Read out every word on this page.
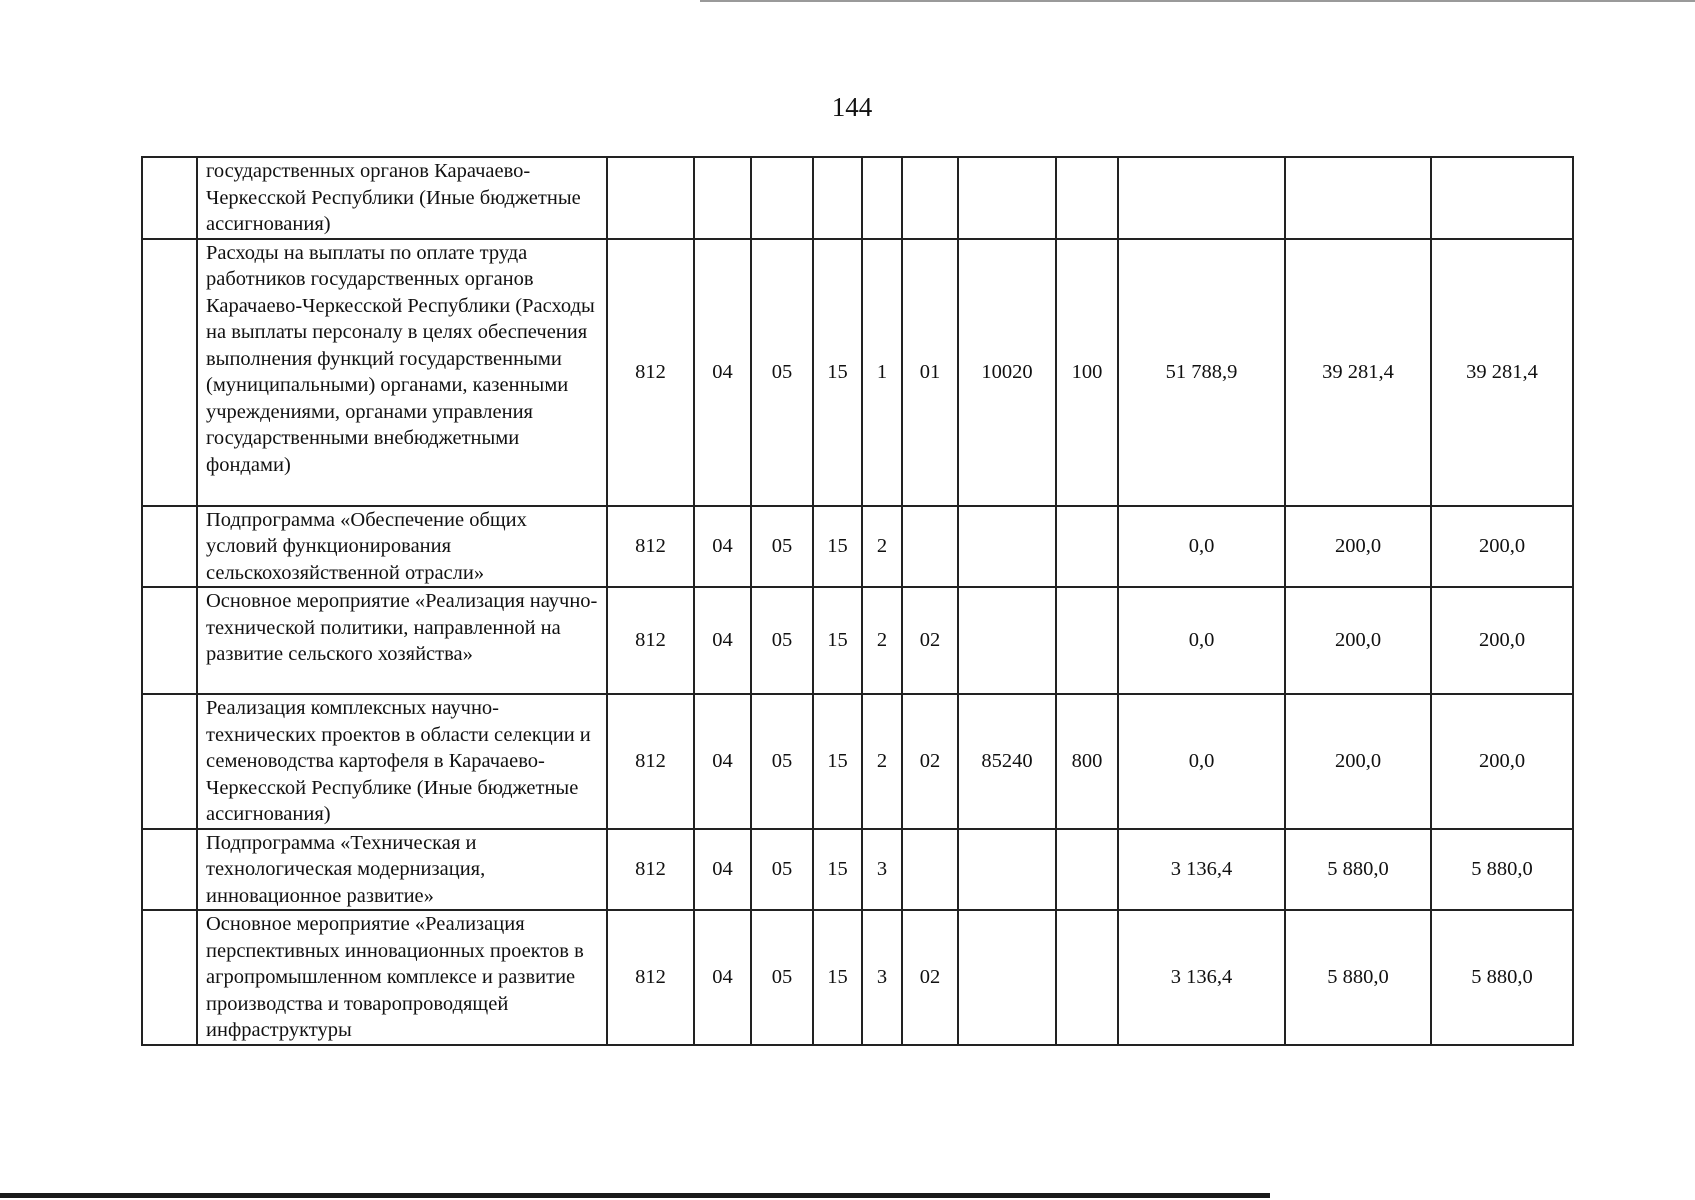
144
	государственных органов Карачаево-Черкесской Республики (Иные бюджетные ассигнования)											
	Расходы на выплаты по оплате труда работников государственных органов Карачаево-Черкесской Республики (Расходы на выплаты персоналу в целях обеспечения выполнения функций государственными (муниципальными) органами, казенными учреждениями, органами управления государственными внебюджетными фондами)	812	04	05	15	1	01	10020	100	51 788,9	39 281,4	39 281,4
	Подпрограмма «Обеспечение общих условий функционирования сельскохозяйственной отрасли»	812	04	05	15	2				0,0	200,0	200,0
	Основное мероприятие «Реализация научно-технической политики, направленной на развитие сельского хозяйства»	812	04	05	15	2	02			0,0	200,0	200,0
	Реализация комплексных научно-технических проектов в области селекции и семеноводства картофеля в Карачаево-Черкесской Республике (Иные бюджетные ассигнования)	812	04	05	15	2	02	85240	800	0,0	200,0	200,0
	Подпрограмма «Техническая и технологическая модернизация, инновационное развитие»	812	04	05	15	3				3 136,4	5 880,0	5 880,0
	Основное мероприятие «Реализация перспективных инновационных проектов в агропромышленном комплексе и развитие производства и товаропроводящей инфраструктуры	812	04	05	15	3	02			3 136,4	5 880,0	5 880,0
